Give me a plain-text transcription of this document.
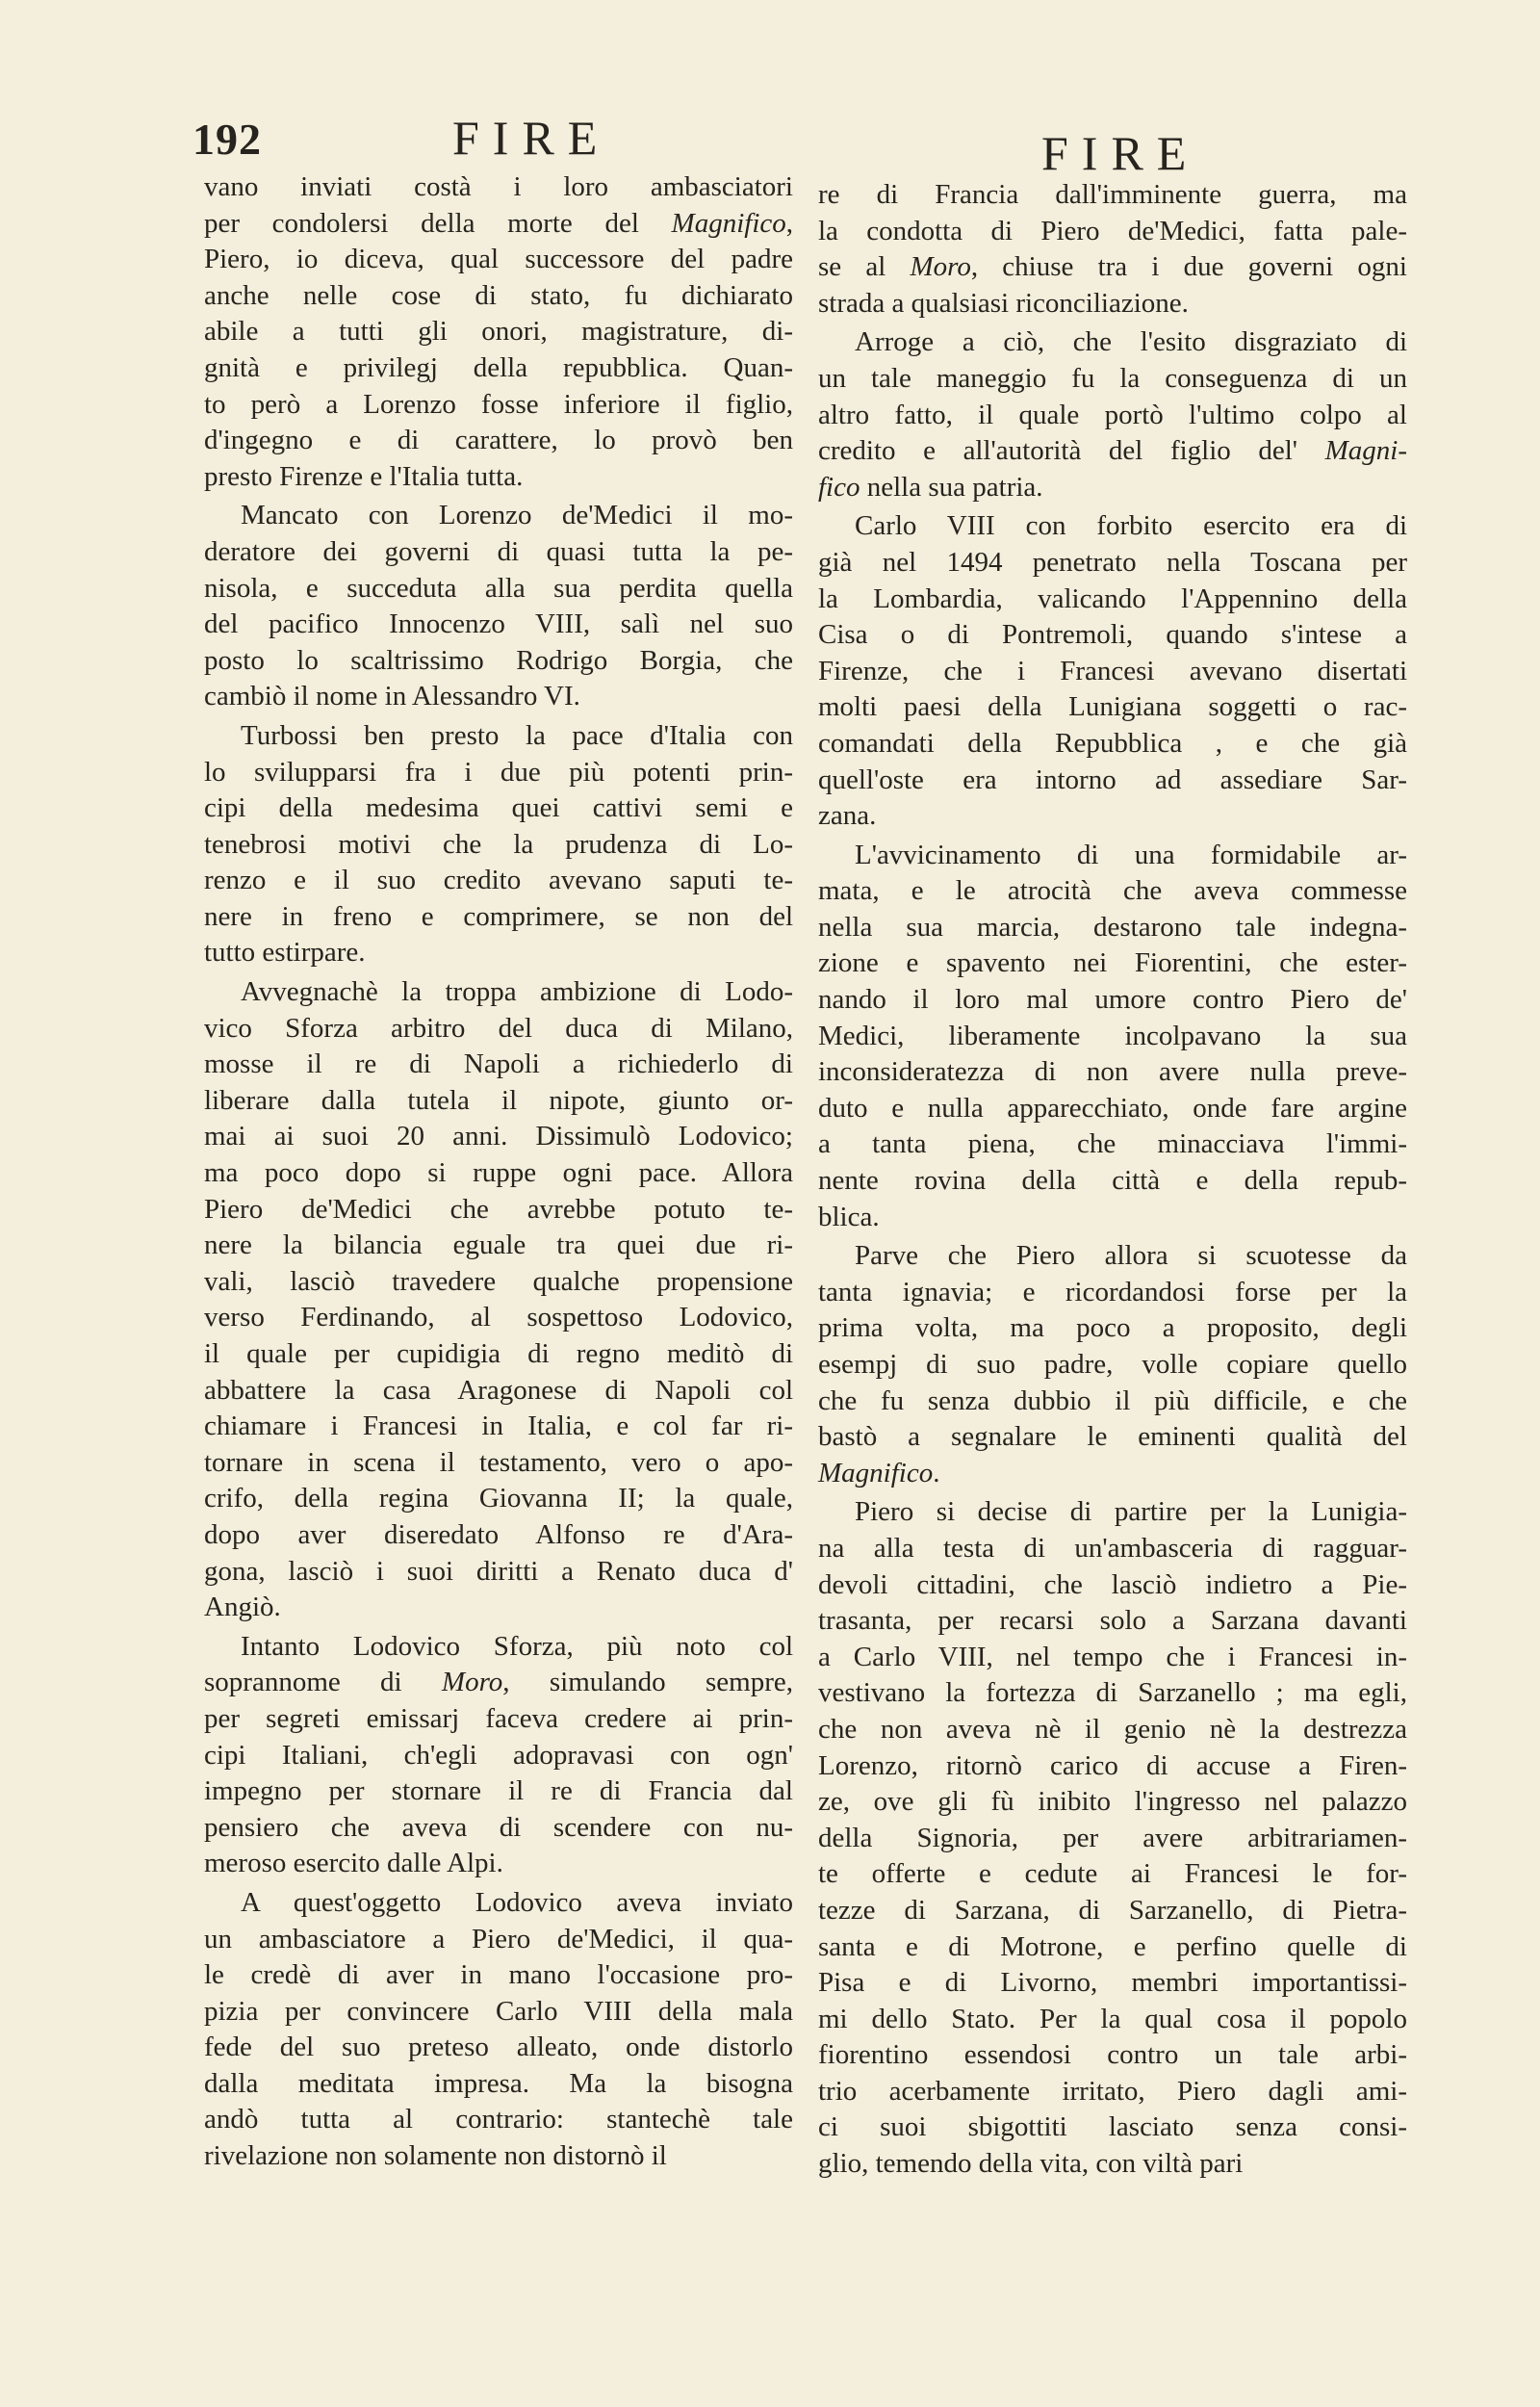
192	FIRE	FIRE
vano inviati costà i loro ambasciatori
per condolersi della morte del Magnifico,
Piero, io diceva, qual successore del padre
anche nelle cose di stato, fu dichiarato
abile a tutti gli onori, magistrature, di-
gnità e privilegj della repubblica. Quan-
to però a Lorenzo fosse inferiore il figlio,
d'ingegno e di carattere, lo provò ben
presto Firenze e l'Italia tutta.
Mancato con Lorenzo de'Medici il mo-
deratore dei governi di quasi tutta la pe-
nisola, e succeduta alla sua perdita quella
del pacifico Innocenzo VIII, salì nel suo
posto lo scaltrissimo Rodrigo Borgia, che
cambiò il nome in Alessandro VI.
Turbossi ben presto la pace d'Italia con
lo svilupparsi fra i due più potenti prin-
cipi della medesima quei cattivi semi e
tenebrosi motivi che la prudenza di Lo-
renzo e il suo credito avevano saputi te-
nere in freno e comprimere, se non del
tutto estirpare.
Avvegnachè la troppa ambizione di Lodo-
vico Sforza arbitro del duca di Milano,
mosse il re di Napoli a richiederlo di
liberare dalla tutela il nipote, giunto or-
mai ai suoi 20 anni. Dissimulò Lodovico;
ma poco dopo si ruppe ogni pace. Allora
Piero de'Medici che avrebbe potuto te-
nere la bilancia eguale tra quei due ri-
vali, lasciò travedere qualche propensione
verso Ferdinando, al sospettoso Lodovico,
il quale per cupidigia di regno meditò di
abbattere la casa Aragonese di Napoli col
chiamare i Francesi in Italia, e col far ri-
tornare in scena il testamento, vero o apo-
crifo, della regina Giovanna II; la quale,
dopo aver diseredato Alfonso re d'Ara-
gona, lasciò i suoi diritti a Renato duca d'
Angiò.
Intanto Lodovico Sforza, più noto col
soprannome di Moro, simulando sempre,
per segreti emissarj faceva credere ai prin-
cipi Italiani, ch'egli adopravasi con ogn'
impegno per stornare il re di Francia dal
pensiero che aveva di scendere con nu-
meroso esercito dalle Alpi.
A quest'oggetto Lodovico aveva inviato
un ambasciatore a Piero de'Medici, il qua-
le credè di aver in mano l'occasione pro-
pizia per convincere Carlo VIII della mala
fede del suo preteso alleato, onde distorlo
dalla meditata impresa. Ma la bisogna
andò tutta al contrario: stantechè tale
rivelazione non solamente non distornò il
re di Francia dall'imminente guerra, ma
la condotta di Piero de'Medici, fatta pale-
se al Moro, chiuse tra i due governi ogni
strada a qualsiasi riconciliazione.
Arroge a ciò, che l'esito disgraziato di
un tale maneggio fu la conseguenza di un
altro fatto, il quale portò l'ultimo colpo al
credito e all'autorità del figlio del' Magni-
fico nella sua patria.
Carlo VIII con forbito esercito era di
già nel 1494 penetrato nella Toscana per
la Lombardia, valicando l'Appennino della
Cisa o di Pontremoli, quando s'intese a
Firenze, che i Francesi avevano disertati
molti paesi della Lunigiana soggetti o rac-
comandati della Repubblica , e che già
quell'oste era intorno ad assediare Sar-
zana.
L'avvicinamento di una formidabile ar-
mata, e le atrocità che aveva commesse
nella sua marcia, destarono tale indegna-
zione e spavento nei Fiorentini, che ester-
nando il loro mal umore contro Piero de'
Medici, liberamente incolpavano la sua
inconsideratezza di non avere nulla preve-
duto e nulla apparecchiato, onde fare argine
a tanta piena, che minacciava l'immi-
nente rovina della città e della repub-
blica.
Parve che Piero allora si scuotesse da
tanta ignavia; e ricordandosi forse per la
prima volta, ma poco a proposito, degli
esempj di suo padre, volle copiare quello
che fu senza dubbio il più difficile, e che
bastò a segnalare le eminenti qualità del
Magnifico.
Piero si decise di partire per la Lunigia-
na alla testa di un'ambasceria di ragguar-
devoli cittadini, che lasciò indietro a Pie-
trasanta, per recarsi solo a Sarzana davanti
a Carlo VIII, nel tempo che i Francesi in-
vestivano la fortezza di Sarzanello ; ma egli,
che non aveva nè il genio nè la destrezza
Lorenzo, ritornò carico di accuse a Firen-
ze, ove gli fù inibito l'ingresso nel palazzo
della Signoria, per avere arbitrariamen-
te offerte e cedute ai Francesi le for-
tezze di Sarzana, di Sarzanello, di Pietra-
santa e di Motrone, e perfino quelle di
Pisa e di Livorno, membri importantissi-
mi dello Stato. Per la qual cosa il popolo
fiorentino essendosi contro un tale arbi-
trio acerbamente irritato, Piero dagli ami-
ci suoi sbigottiti lasciato senza consi-
glio, temendo della vita, con viltà pari
